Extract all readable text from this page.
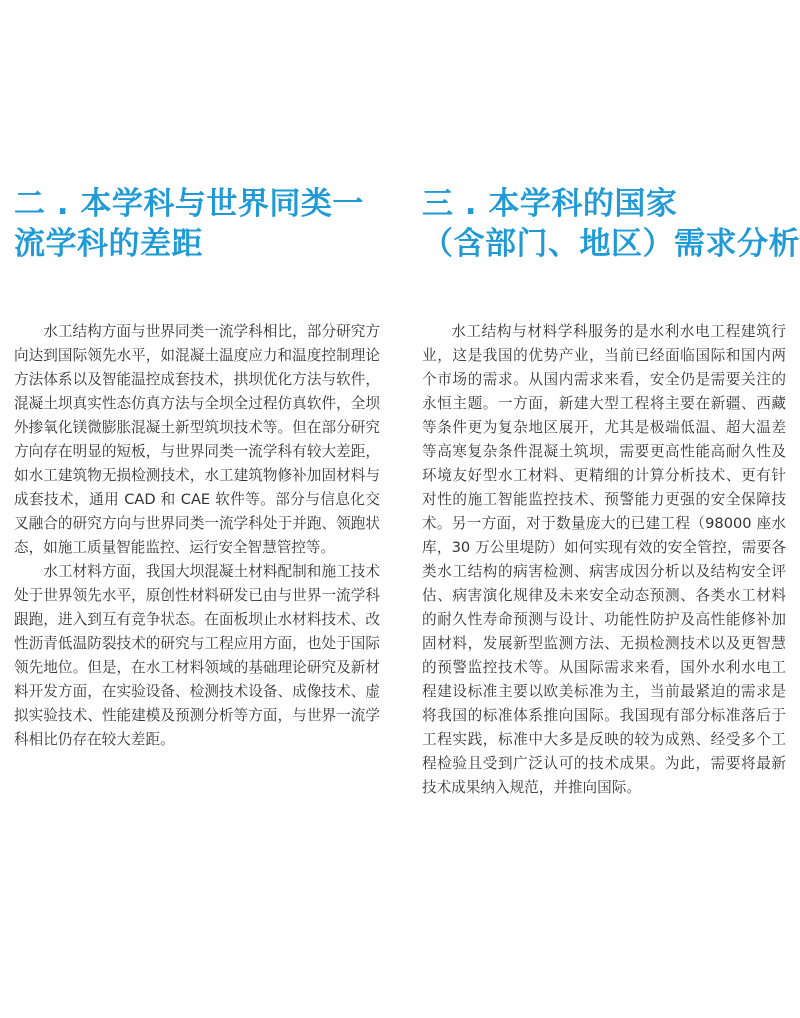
二 . 本学科与世界同类一
流学科的差距

水工结构方面与世界同类一流学科相比，部分研究方向达到国际领先水平，如混凝土温度应力和温度控制理论方法体系以及智能温控成套技术，拱坝优化方法与软件，混凝土坝真实性态仿真方法与全坝全过程仿真软件，全坝外掺氧化镁微膨胀混凝土新型筑坝技术等。但在部分研究方向存在明显的短板，与世界同类一流学科有较大差距，如水工建筑物无损检测技术，水工建筑物修补加固材料与成套技术，通用 CAD 和 CAE 软件等。部分与信息化交叉融合的研究方向与世界同类一流学科处于并跑、领跑状态，如施工质量智能监控、运行安全智慧管控等。

水工材料方面，我国大坝混凝土材料配制和施工技术处于世界领先水平，原创性材料研发已由与世界一流学科跟跑，进入到互有竞争状态。在面板坝止水材料技术、改性沥青低温防裂技术的研究与工程应用方面，也处于国际领先地位。但是，在水工材料领域的基础理论研究及新材料开发方面，在实验设备、检测技术设备、成像技术、虚拟实验技术、性能建模及预测分析等方面，与世界一流学科相比仍存在较大差距。

三 . 本学科的国家
（含部门、地区）需求分析

水工结构与材料学科服务的是水利水电工程建筑行业，这是我国的优势产业，当前已经面临国际和国内两个市场的需求。从国内需求来看，安全仍是需要关注的永恒主题。一方面，新建大型工程将主要在新疆、西藏等条件更为复杂地区展开，尤其是极端低温、超大温差等高寒复杂条件混凝土筑坝，需要更高性能高耐久性及环境友好型水工材料、更精细的计算分析技术、更有针对性的施工智能监控技术、预警能力更强的安全保障技术。另一方面，对于数量庞大的已建工程（98000 座水库，30 万公里堤防）如何实现有效的安全管控，需要各类水工结构的病害检测、病害成因分析以及结构安全评估、病害演化规律及未来安全动态预测、各类水工材料的耐久性寿命预测与设计、功能性防护及高性能修补加固材料，发展新型监测方法、无损检测技术以及更智慧的预警监控技术等。从国际需求来看，国外水利水电工程建设标准主要以欧美标准为主，当前最紧迫的需求是将我国的标准体系推向国际。我国现有部分标准落后于工程实践，标准中大多是反映的较为成熟、经受多个工程检验且受到广泛认可的技术成果。为此，需要将最新技术成果纳入规范，并推向国际。
